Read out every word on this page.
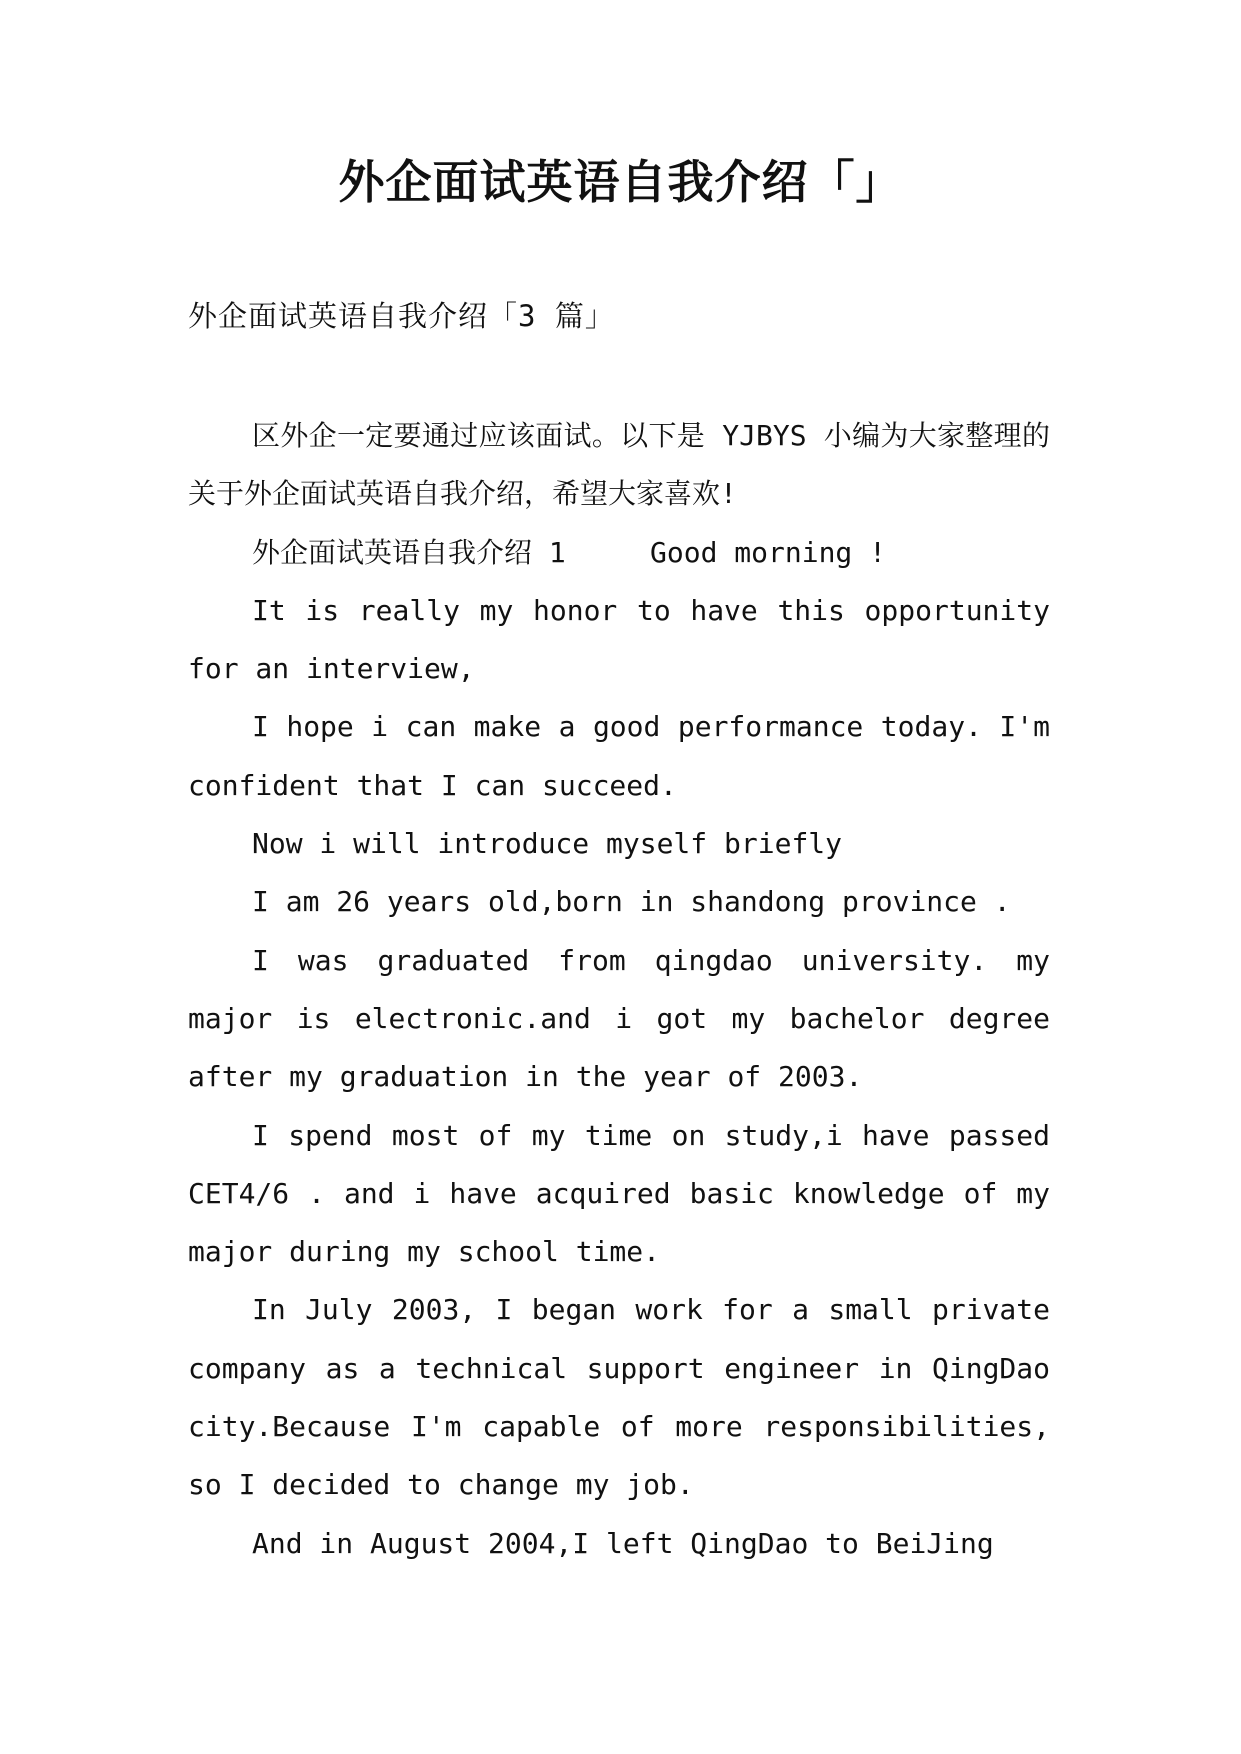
外企面试英语自我介绍「」
外企面试英语自我介绍「3 篇」

区外企一定要通过应该面试。以下是 YJBYS 小编为大家整理的关于外企面试英语自我介绍，希望大家喜欢!

外企面试英语自我介绍 1     Good morning !

It is really my honor to have this opportunity for an interview,

I hope i can make a good performance today. I'm confident that I can succeed.

Now i will introduce myself briefly

I am 26 years old,born in shandong province .

I was graduated from qingdao university. my major is electronic.and i got my bachelor degree after my graduation in the year of 2003.

I spend most of my time on study,i have passed CET4/6 . and i have acquired basic knowledge of my major during my school time.

In July 2003, I began work for a small private company as a technical support engineer in QingDao city.Because I'm capable of more responsibilities, so I decided to change my job.

And in August 2004,I left QingDao to BeiJing
